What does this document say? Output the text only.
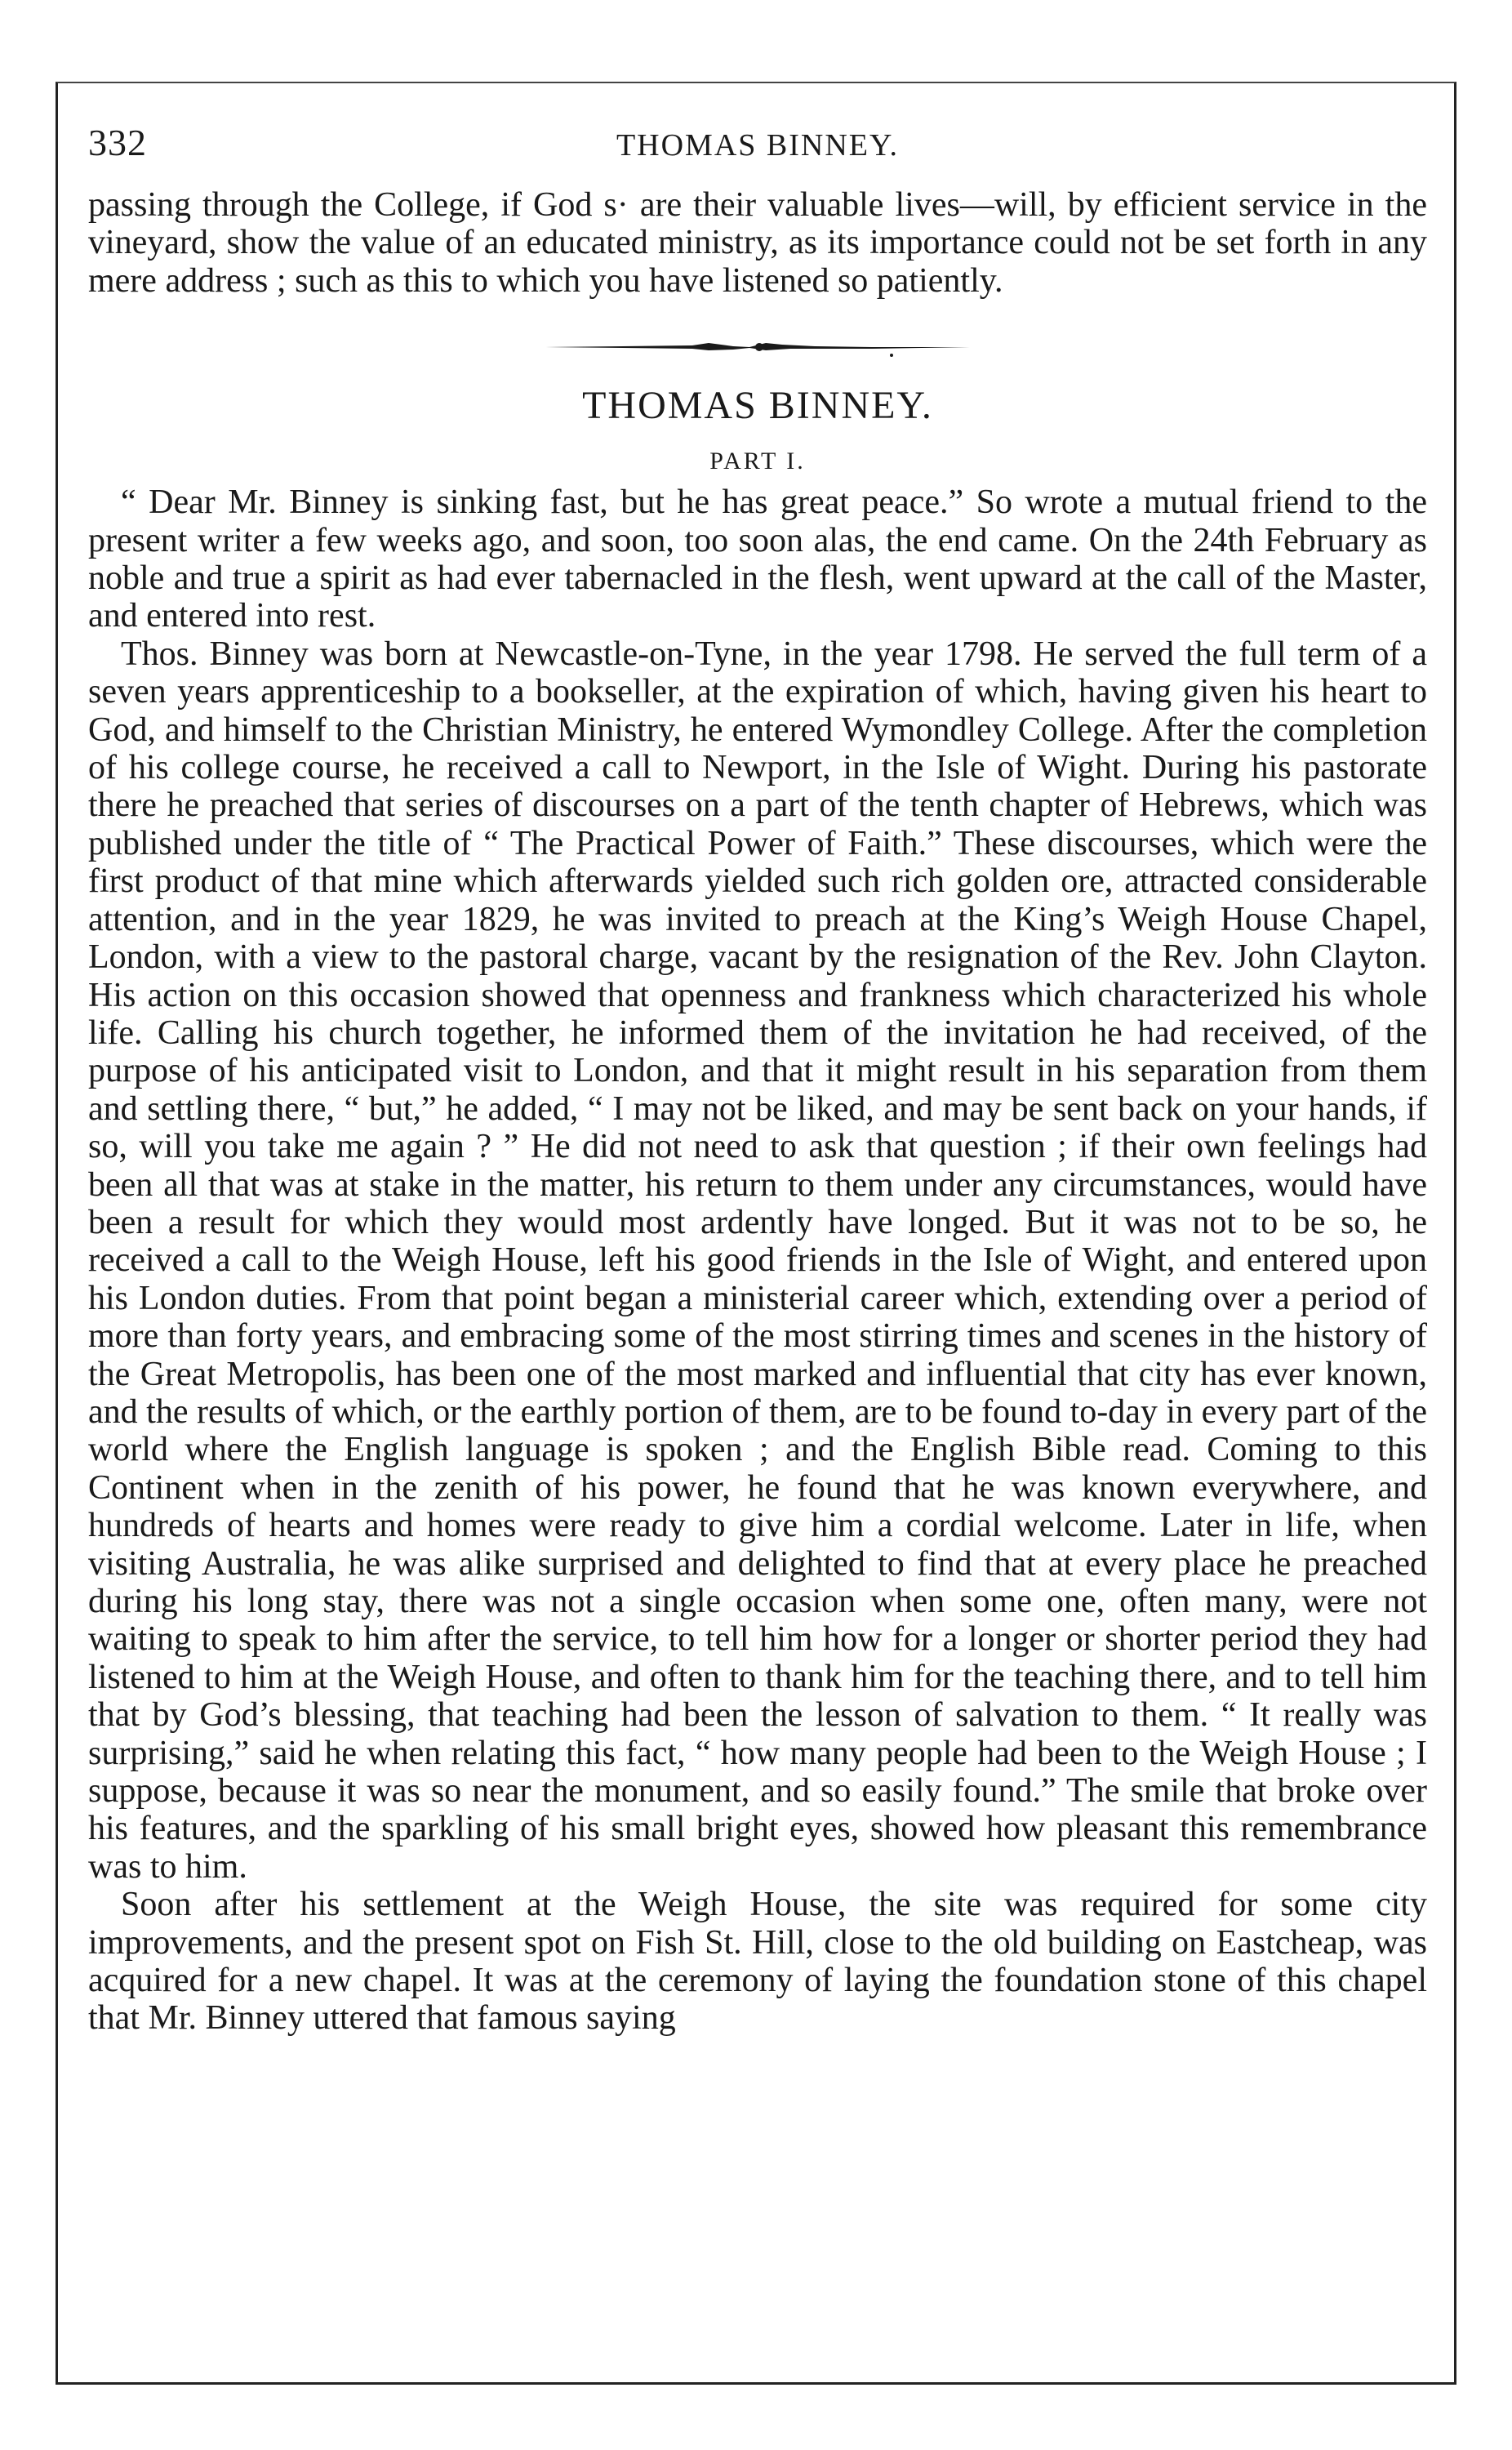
332	THOMAS BINNEY.

passing through the College, if God s· are their valuable lives—will, by efficient service in the vineyard, show the value of an educated ministry, as its importance could not be set forth in any mere address ; such as this to which you have listened so patiently.

THOMAS BINNEY.
PART I.

“ Dear Mr. Binney is sinking fast, but he has great peace.” So wrote a mutual friend to the present writer a few weeks ago, and soon, too soon alas, the end came. On the 24th February as noble and true a spirit as had ever tabernacled in the flesh, went upward at the call of the Master, and entered into rest.

Thos. Binney was born at Newcastle-on-Tyne, in the year 1798. He served the full term of a seven years apprenticeship to a bookseller, at the expiration of which, having given his heart to God, and himself to the Christian Ministry, he entered Wymondley College. After the completion of his college course, he received a call to Newport, in the Isle of Wight. During his pastorate there he preached that series of discourses on a part of the tenth chapter of Hebrews, which was published under the title of “ The Practical Power of Faith.” These discourses, which were the first product of that mine which afterwards yielded such rich golden ore, attracted considerable attention, and in the year 1829, he was invited to preach at the King’s Weigh House Chapel, London, with a view to the pastoral charge, vacant by the resignation of the Rev. John Clayton. His action on this occasion showed that openness and frankness which characterized his whole life. Calling his church together, he informed them of the invitation he had received, of the purpose of his anticipated visit to London, and that it might result in his separation from them and settling there, “ but,” he added, “ I may not be liked, and may be sent back on your hands, if so, will you take me again ? ” He did not need to ask that question ; if their own feelings had been all that was at stake in the matter, his return to them under any circumstances, would have been a result for which they would most ardently have longed. But it was not to be so, he received a call to the Weigh House, left his good friends in the Isle of Wight, and entered upon his London duties. From that point began a ministerial career which, extending over a period of more than forty years, and embracing some of the most stirring times and scenes in the history of the Great Metropolis, has been one of the most marked and influential that city has ever known, and the results of which, or the earthly portion of them, are to be found to-day in every part of the world where the English language is spoken ; and the English Bible read. Coming to this Continent when in the zenith of his power, he found that he was known everywhere, and hundreds of hearts and homes were ready to give him a cordial welcome. Later in life, when visiting Australia, he was alike surprised and delighted to find that at every place he preached during his long stay, there was not a single occasion when some one, often many, were not waiting to speak to him after the service, to tell him how for a longer or shorter period they had listened to him at the Weigh House, and often to thank him for the teaching there, and to tell him that by God’s blessing, that teaching had been the lesson of salvation to them. “ It really was surprising,” said he when relating this fact, “ how many people had been to the Weigh House ; I suppose, because it was so near the monument, and so easily found.” The smile that broke over his features, and the sparkling of his small bright eyes, showed how pleasant this remembrance was to him.

Soon after his settlement at the Weigh House, the site was required for some city improvements, and the present spot on Fish St. Hill, close to the old building on Eastcheap, was acquired for a new chapel. It was at the ceremony of laying the foundation stone of this chapel that Mr. Binney uttered that famous saying
